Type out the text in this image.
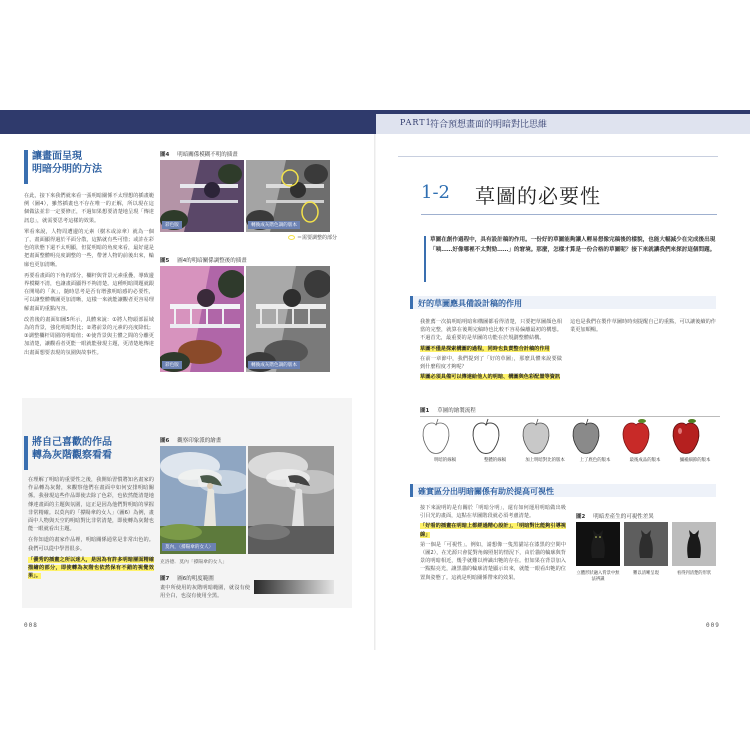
PART1
符合預想畫面的明暗對比思維
讓畫面呈現
明暗分明的方法

在此，接下來我們就來看一張明暗關係不太理想的插畫範例（圖4），雖然插畫也不存在唯一的正解，所以現在這個做法並非一定要修正，不過如果想要清楚地呈現「傳達訊息」，就需要思考這樣的效果。

單看來說，人物周遭邊的元素（樹木或涼傘）就為一個了，畫面顯得過於平面分散，這點就有些可惜；或許在彩色的狀態下還不太明顯，但從明暗的角度來看，最好還是把畫面整體明亮度調整的一些，帶著人物的前後出來，輪廓也更加清晰。

再要看畫面的下角的部分，欄杆與背景元素重疊，導致邊界模糊不清，也讓畫面顯得不夠清楚。這種明暗問題就跟在開場的「灰」，隨時思考是否有增強明暗感的必要性，可以讓整體構圖更加清晰，這樣一來就能讓觀者更容易理解畫面的重點內容。

改善後的畫面如圖5所示，具體來說：①將人物頭部區域為的背景，強化明暗對比；②將前景的元素的亮度降低；③調整欄杆周圍的明暗值；④使背景與主體之間的分離更加清楚，讓觀看者更能一眼就能發現主題，更清楚地傳達出畫面想要表現的氛圍與故事性。

圖4 明暗關係模糊不明的插畫
彩色版	轉換成灰階色調的版本
＝需要調整的部分
圖5 圖4的明暗關係調整後的插畫
彩色版	轉換成灰階色調的版本
將自己喜歡的作品
轉為灰階觀察看看

在理解了明暗的重要性之後，我開始習慣將知名畫家的作品轉為灰階，來觀察他們在畫面中如何安排明暗關係。我發現這些作品即使去除了色彩，也依然能清楚地傳達畫面的主題與氛圍，這正是因為他們對明暗的掌握非常精確。以莫內的「撐陽傘的女人」（圖6）為例，畫面中人物與天空的明暗對比非常清楚，即使轉為灰階也能一眼就看出主題。

在你知道的畫家作品裡，明暗關係通常是非常出色的。我們可以從中學習很多。

「優秀的插畫之所以迷人，是因為有許多明暗層面精確描繪的部分，即使轉為灰階也依然保有不錯的視覺效果」。

圖6 觀察印象派的繪畫
莫內，〈撐陽傘的女人〉
克洛德．莫內「撐陽傘的女人」
圖7 圖6的明度範圍
畫中所使用的灰階明暗範圍，就沒有使用全白，也沒有使用全黑。
008
1-2 草圖的必要性
草圖在創作過程中，具有設計稿的作用。一份好的草圖能夠讓人輕易想像完稿後的樣貌，也能大幅減少在完成後出現「咦……好像哪裡不太對勁……」的窘境。那麼，怎樣才算是一份合格的草圖呢？接下來就讓我們來探討這個問題。
好的草圖應具備設計稿的作用

我推薦一次搞明暗明暗和構圖都看得清楚，只要把草圖顏色相當的完整，就算在後期完稿時也比較不容易偏離最初的構想。不過首先，最重要的是草圖的功能在於規劃整體結構。

草圖不僅是探索構圖的過程，同時也負責整合計稿的作用

在前一章節中，我們提到了「好的草圖」，那麼具體來說要做到什麼程度才夠呢？

草圖必須具備可以傳達給他人的明暗、構圖與色彩配置等資訊

這也是我們在製作草圖時時刻提醒自己的重點，可以讓後續的作業更加順暢。
圖1 草圖的繪製流程
明暗的線稿	整體的線稿	加上明暗對比的版本	上了底色的版本	最後成品的版本	彌補細節的版本
確實區分出明暗關係有助於提高可視性

接下來說明的是有關於「明暗分明」，還有如何運用明暗做出吸引目光的畫面，這點在草圖階段就必須考慮清楚。

「好看的插畫在明暗上都經過精心設計」，「明暗對比能夠引導視線」

第一個是「可視性」。例如，請想像一隻黑貓站在漆黑的空間中（圖2），在光源只會從對角線照射的情況下，由於貓的輪廓與背景的明暗相近，幾乎就難以辨識出牠的存在。但如果在背景加入一點點亮光，讓黑貓的輪廓清楚顯示出來，就能一眼看出牠的位置與姿態了。這就是明暗關係帶來的效果。

圖2 明暗差產生的可視性差異
立體形狀融入背景中無法辨識
難以清晰呈現	看得到清楚的形狀
009
